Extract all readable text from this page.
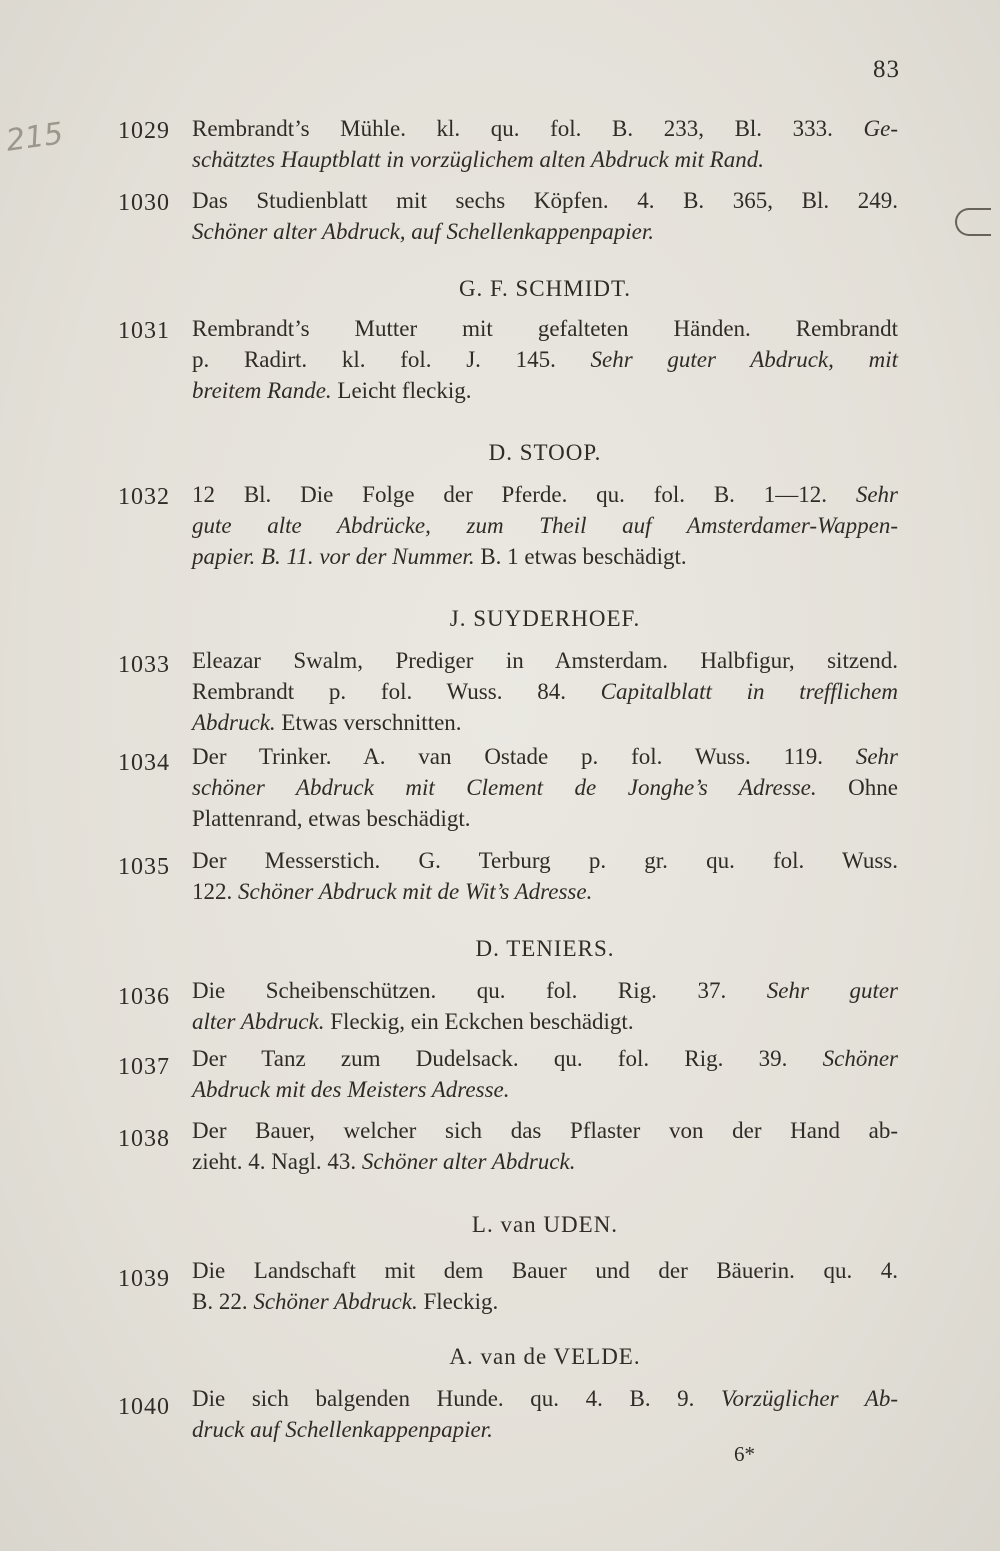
83
215 1029 Rembrandt’s Mühle. kl. qu. fol. B. 233, Bl. 333. Ge-
schätztes Hauptblatt in vorzüglichem alten Abdruck mit Rand.
1030 Das Studienblatt mit sechs Köpfen. 4. B. 365, Bl. 249.
Schöner alter Abdruck, auf Schellenkappenpapier.
G. F. SCHMIDT.
1031 Rembrandt’s Mutter mit gefalteten Händen. Rembrandt
p. Radirt. kl. fol. J. 145. Sehr guter Abdruck, mit
breitem Rande. Leicht fleckig.
D. STOOP.
1032 12 Bl. Die Folge der Pferde. qu. fol. B. 1—12. Sehr
gute alte Abdrücke, zum Theil auf Amsterdamer-Wappen-
papier. B. 11. vor der Nummer. B. 1 etwas beschädigt.
J. SUYDERHOEF.
1033 Eleazar Swalm, Prediger in Amsterdam. Halbfigur, sitzend.
Rembrandt p. fol. Wuss. 84. Capitalblatt in trefflichem
Abdruck. Etwas verschnitten.
1034 Der Trinker. A. van Ostade p. fol. Wuss. 119. Sehr
schöner Abdruck mit Clement de Jonghe’s Adresse. Ohne
Plattenrand, etwas beschädigt.
1035 Der Messerstich. G. Terburg p. gr. qu. fol. Wuss.
122. Schöner Abdruck mit de Wit’s Adresse.
D. TENIERS.
1036 Die Scheibenschützen. qu. fol. Rig. 37. Sehr guter
alter Abdruck. Fleckig, ein Eckchen beschädigt.
1037 Der Tanz zum Dudelsack. qu. fol. Rig. 39. Schöner
Abdruck mit des Meisters Adresse.
1038 Der Bauer, welcher sich das Pflaster von der Hand ab-
zieht. 4. Nagl. 43. Schöner alter Abdruck.
L. van UDEN.
1039 Die Landschaft mit dem Bauer und der Bäuerin. qu. 4.
B. 22. Schöner Abdruck. Fleckig.
A. van de VELDE.
1040 Die sich balgenden Hunde. qu. 4. B. 9. Vorzüglicher Ab-
druck auf Schellenkappenpapier.
6*
